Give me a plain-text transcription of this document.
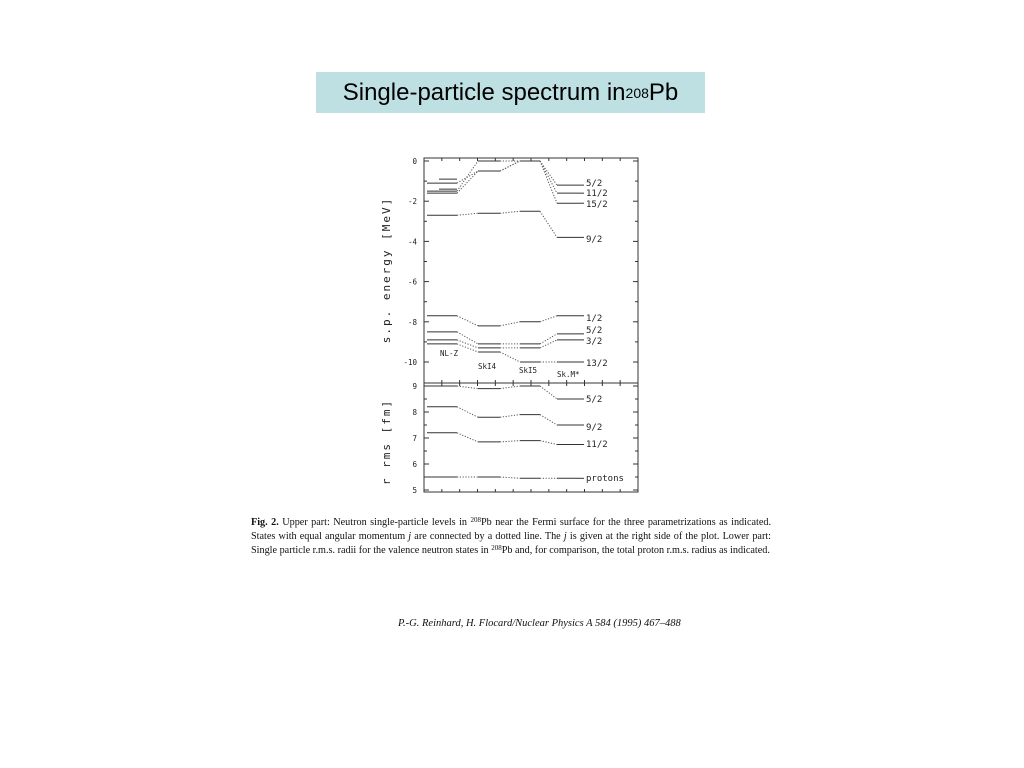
Single-particle spectrum in 208 Pb
0
-2
-4
-6
-8
-10
s.p. energy [MeV]
5/2
11/2
15/2
9/2
1/2
5/2
3/2
13/2
NL-Z
SkI4	SkI5	Sk.M*
9
8
7
6
5
r rms [fm]	5/2
9/2
11/2
protons
Fig. 2. Upper part: Neutron single-particle levels in $^{208}$Pb near the Fermi surface for the three parametrizations as indicated. States with equal angular momentum j are connected by a dotted line. The j is given at the right side of the plot. Lower part: Single particle r.m.s. radii for the valence neutron states in $^{208}$Pb and, for comparison, the total proton r.m.s. radius as indicated.
P.-G. Reinhard, H. Flocard/Nuclear Physics A 584 (1995) 467–488
